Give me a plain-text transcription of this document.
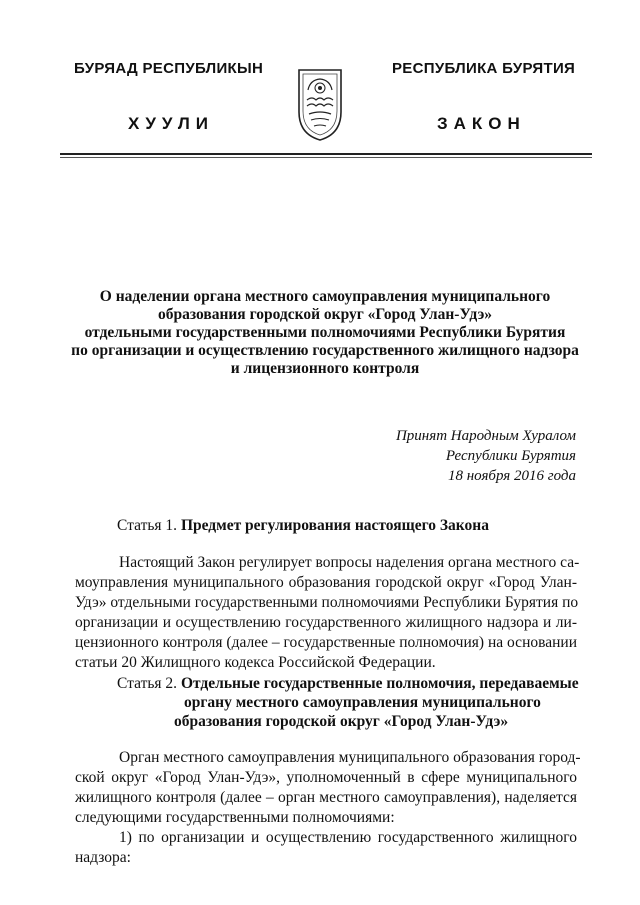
БУРЯАД РЕСПУБЛИКЫН	РЕСПУБЛИКА БУРЯТИЯ
ХУУЛИ	ЗАКОН
О наделении органа местного самоуправления муниципального
образования городской округ «Город Улан-Удэ»
отдельными государственными полномочиями Республики Бурятия
по организации и осуществлению государственного жилищного надзора
и лицензионного контроля
Принят Народным Хуралом
Республики Бурятия
18 ноября 2016 года
Статья 1. Предмет регулирования настоящего Закона
Настоящий Закон регулирует вопросы наделения органа местного са-
моуправления муниципального образования городской округ «Город Улан-
Удэ» отдельными государственными полномочиями Республики Бурятия по
организации и осуществлению государственного жилищного надзора и ли-
цензионного контроля (далее – государственные полномочия) на основании
статьи 20 Жилищного кодекса Российской Федерации.
Статья 2. Отдельные государственные полномочия, передаваемые
органу местного самоуправления муниципального
образования городской округ «Город Улан-Удэ»
Орган местного самоуправления муниципального образования город-
ской округ «Город Улан-Удэ», уполномоченный в сфере муниципального
жилищного контроля (далее – орган местного самоуправления), наделяется
следующими государственными полномочиями:
1) по организации и осуществлению государственного жилищного
надзора:
